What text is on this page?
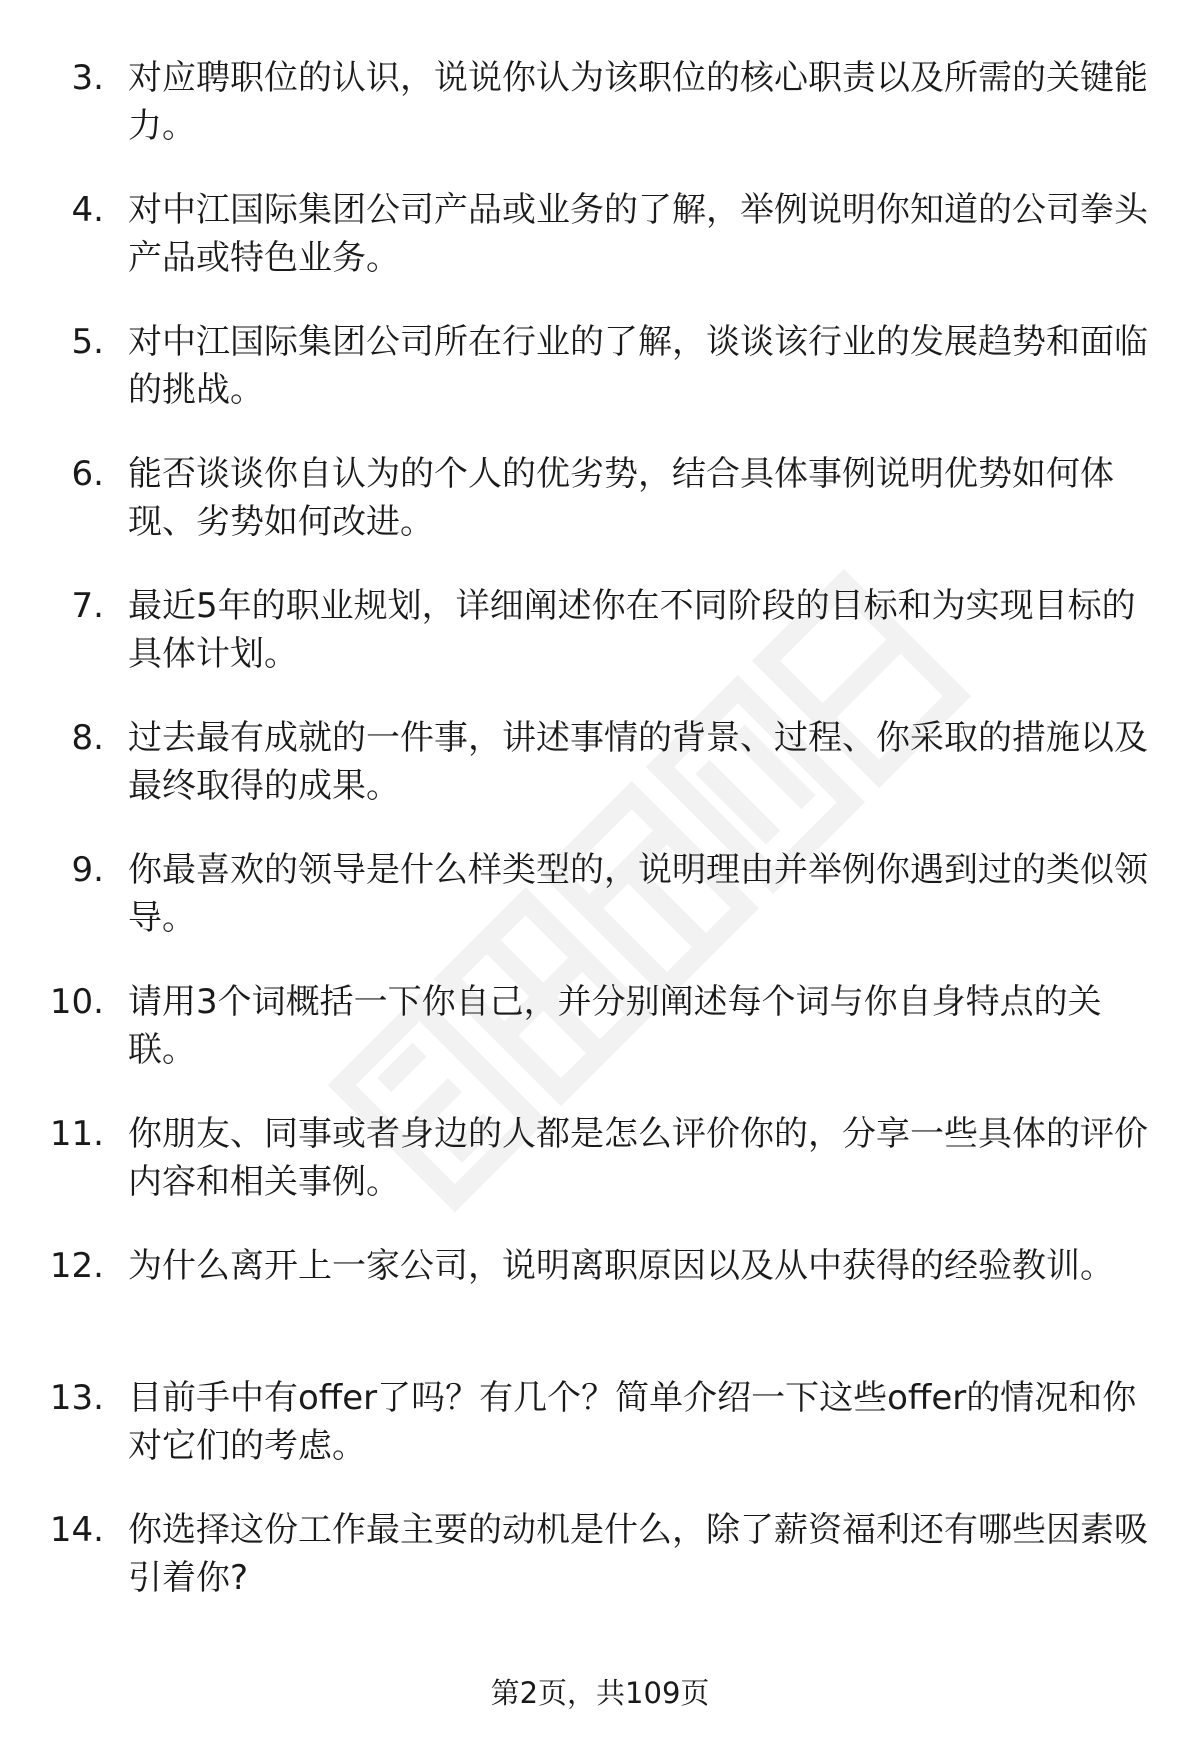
3. 对应聘职位的认识，说说你认为该职位的核心职责以及所需的关键能力。
4. 对中江国际集团公司产品或业务的了解，举例说明你知道的公司拳头产品或特色业务。
5. 对中江国际集团公司所在行业的了解，谈谈该行业的发展趋势和面临的挑战。
6. 能否谈谈你自认为的个人的优劣势，结合具体事例说明优势如何体现、劣势如何改进。
7. 最近5年的职业规划，详细阐述你在不同阶段的目标和为实现目标的具体计划。
8. 过去最有成就的一件事，讲述事情的背景、过程、你采取的措施以及最终取得的成果。
9. 你最喜欢的领导是什么样类型的，说明理由并举例你遇到过的类似领导。
10. 请用3个词概括一下你自己，并分别阐述每个词与你自身特点的关联。
11. 你朋友、同事或者身边的人都是怎么评价你的，分享一些具体的评价内容和相关事例。
12. 为什么离开上一家公司，说明离职原因以及从中获得的经验教训。
13. 目前手中有offer了吗？有几个？简单介绍一下这些offer的情况和你对它们的考虑。
14. 你选择这份工作最主要的动机是什么，除了薪资福利还有哪些因素吸引着你?
第2页，共109页
